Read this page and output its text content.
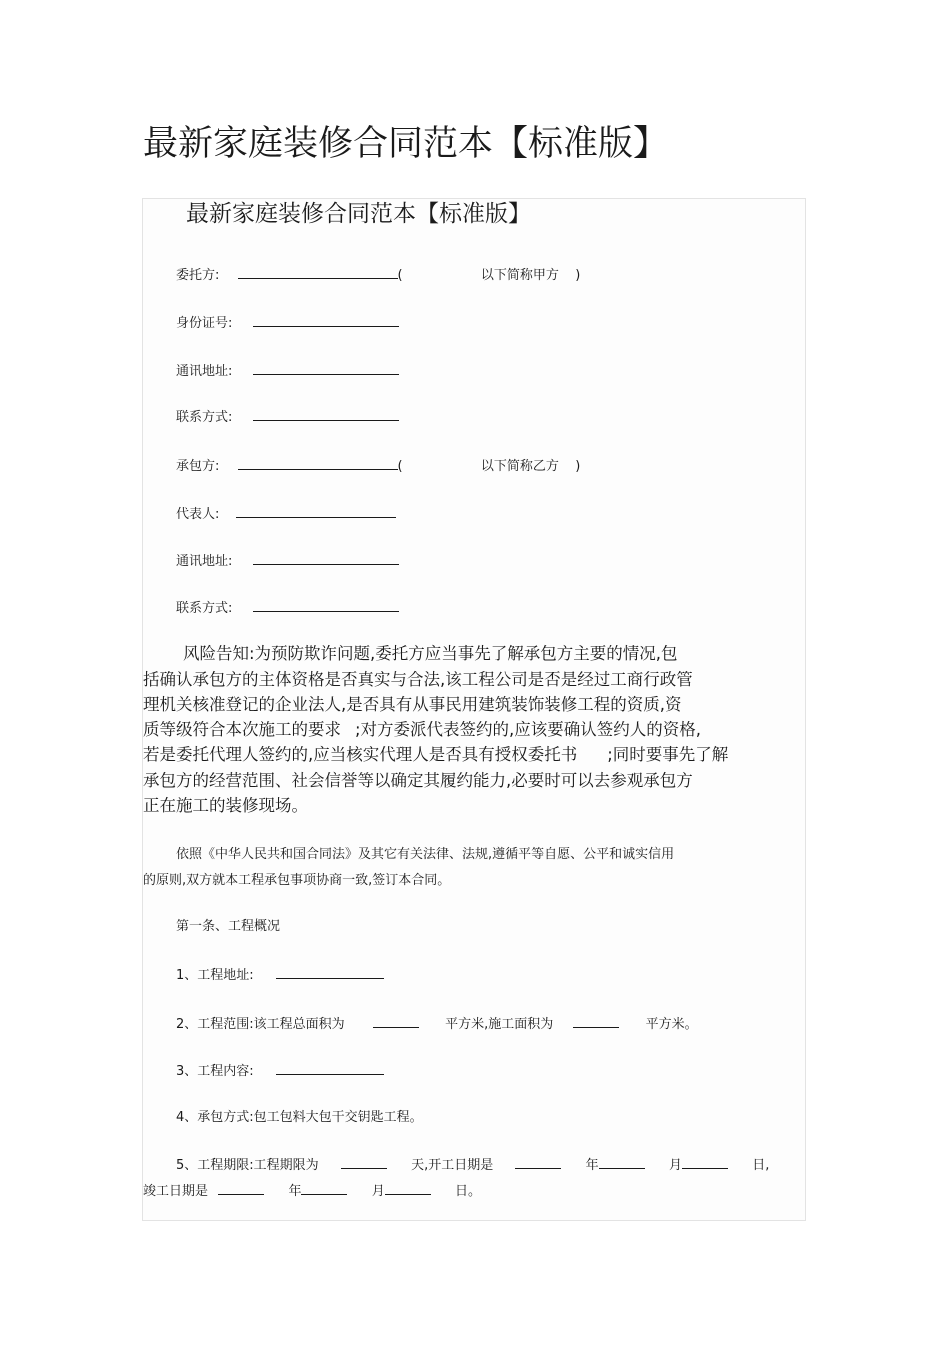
最新家庭装修合同范本【标准版】
最新家庭装修合同范本【标准版】
委托方:	(	以下简称甲方 )
身份证号:
通讯地址:
联系方式:
承包方:	(	以下简称乙方 )
代表人:
通讯地址:
联系方式:
风险告知:为预防欺诈问题,委托方应当事先了解承包方主要的情况,包
括确认承包方的主体资格是否真实与合法,该工程公司是否是经过工商行政管
理机关核准登记的企业法人,是否具有从事民用建筑装饰装修工程的资质,资
质等级符合本次施工的要求 ;对方委派代表签约的,应该要确认签约人的资格,
若是委托代理人签约的,应当核实代理人是否具有授权委托书 ;同时要事先了解
承包方的经营范围、社会信誉等以确定其履约能力,必要时可以去参观承包方
正在施工的装修现场。
依照《中华人民共和国合同法》及其它有关法律、法规,遵循平等自愿、公平和诚实信用
的原则,双方就本工程承包事项协商一致,签订本合同。
第一条、工程概况
1、工程地址:
2、工程范围:该工程总面积为	平方米,施工面积为	平方米。
3、工程内容:
4、承包方式:包工包料大包干交钥匙工程。
5、工程期限:工程期限为	天,开工日期是	年	月	日,
竣工日期是	年	月	日。
